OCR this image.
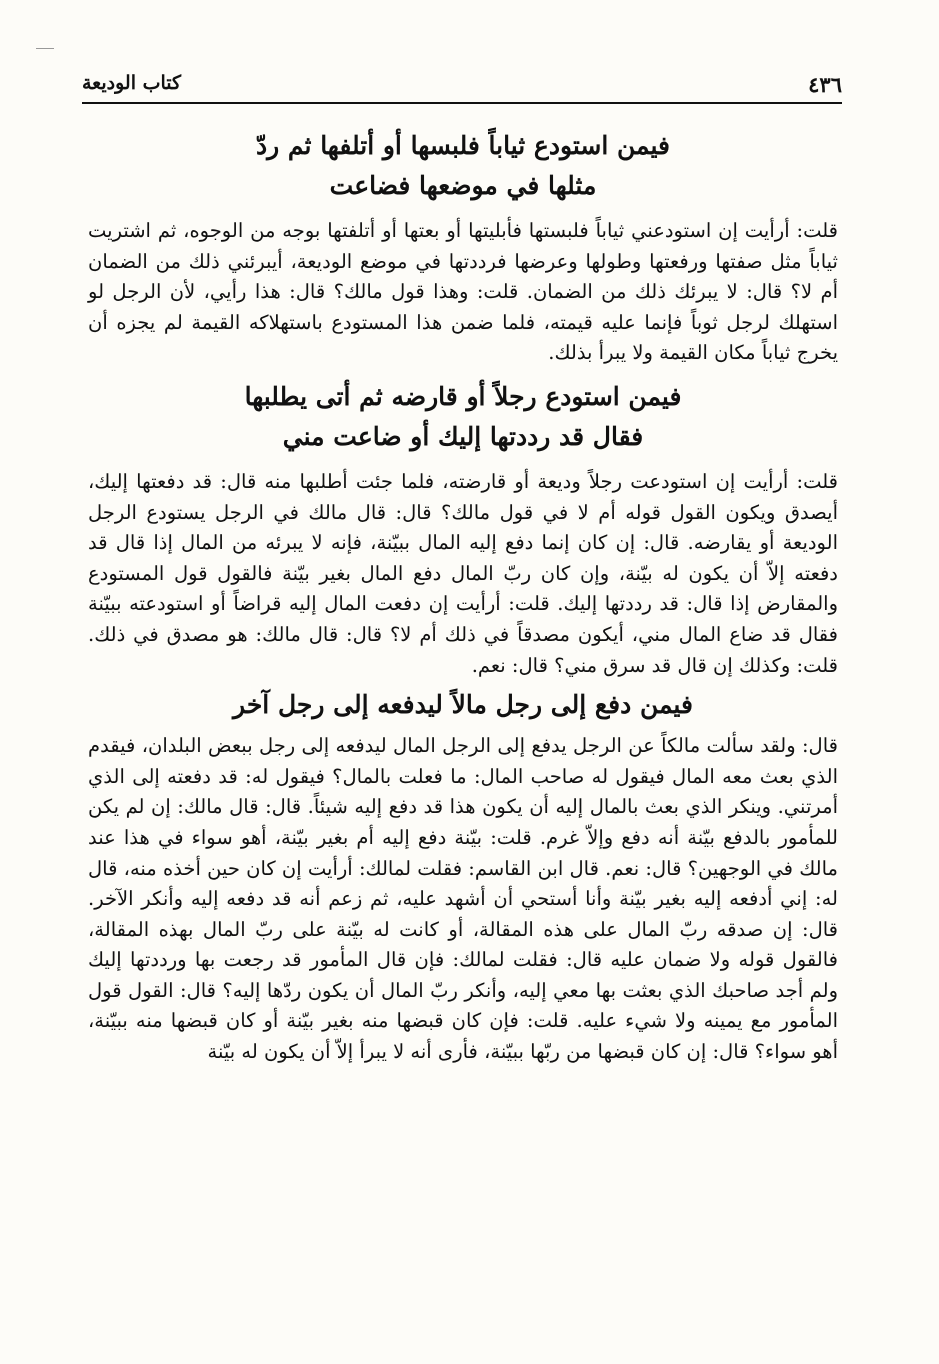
٤٣٦
كتاب الوديعة
فيمن استودع ثياباً فلبسها أو أتلفها ثم ردّ
مثلها في موضعها فضاعت

قلت: أرأيت إن استودعني ثياباً فلبستها فأبليتها أو بعتها أو أتلفتها بوجه من الوجوه، ثم اشتريت ثياباً مثل صفتها ورفعتها وطولها وعرضها فرددتها في موضع الوديعة، أيبرئني ذلك من الضمان أم لا؟ قال: لا يبرئك ذلك من الضمان. قلت: وهذا قول مالك؟ قال: هذا رأيي، لأن الرجل لو استهلك لرجل ثوباً فإنما عليه قيمته، فلما ضمن هذا المستودع باستهلاكه القيمة لم يجزه أن يخرج ثياباً مكان القيمة ولا يبرأ بذلك.

فيمن استودع رجلاً أو قارضه ثم أتى يطلبها
فقال قد رددتها إليك أو ضاعت مني

قلت: أرأيت إن استودعت رجلاً وديعة أو قارضته، فلما جئت أطلبها منه قال: قد دفعتها إليك، أيصدق ويكون القول قوله أم لا في قول مالك؟ قال: قال مالك في الرجل يستودع الرجل الوديعة أو يقارضه. قال: إن كان إنما دفع إليه المال ببيّنة، فإنه لا يبرئه من المال إذا قال قد دفعته إلاّ أن يكون له بيّنة، وإن كان ربّ المال دفع المال بغير بيّنة فالقول قول المستودع والمقارض إذا قال: قد رددتها إليك. قلت: أرأيت إن دفعت المال إليه قراضاً أو استودعته ببيّنة فقال قد ضاع المال مني، أيكون مصدقاً في ذلك أم لا؟ قال: قال مالك: هو مصدق في ذلك. قلت: وكذلك إن قال قد سرق مني؟ قال: نعم.

فيمن دفع إلى رجل مالاً ليدفعه إلى رجل آخر

قال: ولقد سألت مالكاً عن الرجل يدفع إلى الرجل المال ليدفعه إلى رجل ببعض البلدان، فيقدم الذي بعث معه المال فيقول له صاحب المال: ما فعلت بالمال؟ فيقول له: قد دفعته إلى الذي أمرتني. وينكر الذي بعث بالمال إليه أن يكون هذا قد دفع إليه شيئاً. قال: قال مالك: إن لم يكن للمأمور بالدفع بيّنة أنه دفع وإلاّ غرم. قلت: بيّنة دفع إليه أم بغير بيّنة، أهو سواء في هذا عند مالك في الوجهين؟ قال: نعم. قال ابن القاسم: فقلت لمالك: أرأيت إن كان حين أخذه منه، قال له: إني أدفعه إليه بغير بيّنة وأنا أستحي أن أشهد عليه، ثم زعم أنه قد دفعه إليه وأنكر الآخر. قال: إن صدقه ربّ المال على هذه المقالة، أو كانت له بيّنة على ربّ المال بهذه المقالة، فالقول قوله ولا ضمان عليه قال: فقلت لمالك: فإن قال المأمور قد رجعت بها ورددتها إليك ولم أجد صاحبك الذي بعثت بها معي إليه، وأنكر ربّ المال أن يكون ردّها إليه؟ قال: القول قول المأمور مع يمينه ولا شيء عليه. قلت: فإن كان قبضها منه بغير بيّنة أو كان قبضها منه ببيّنة، أهو سواء؟ قال: إن كان قبضها من ربّها ببيّنة، فأرى أنه لا يبرأ إلاّ أن يكون له بيّنة
